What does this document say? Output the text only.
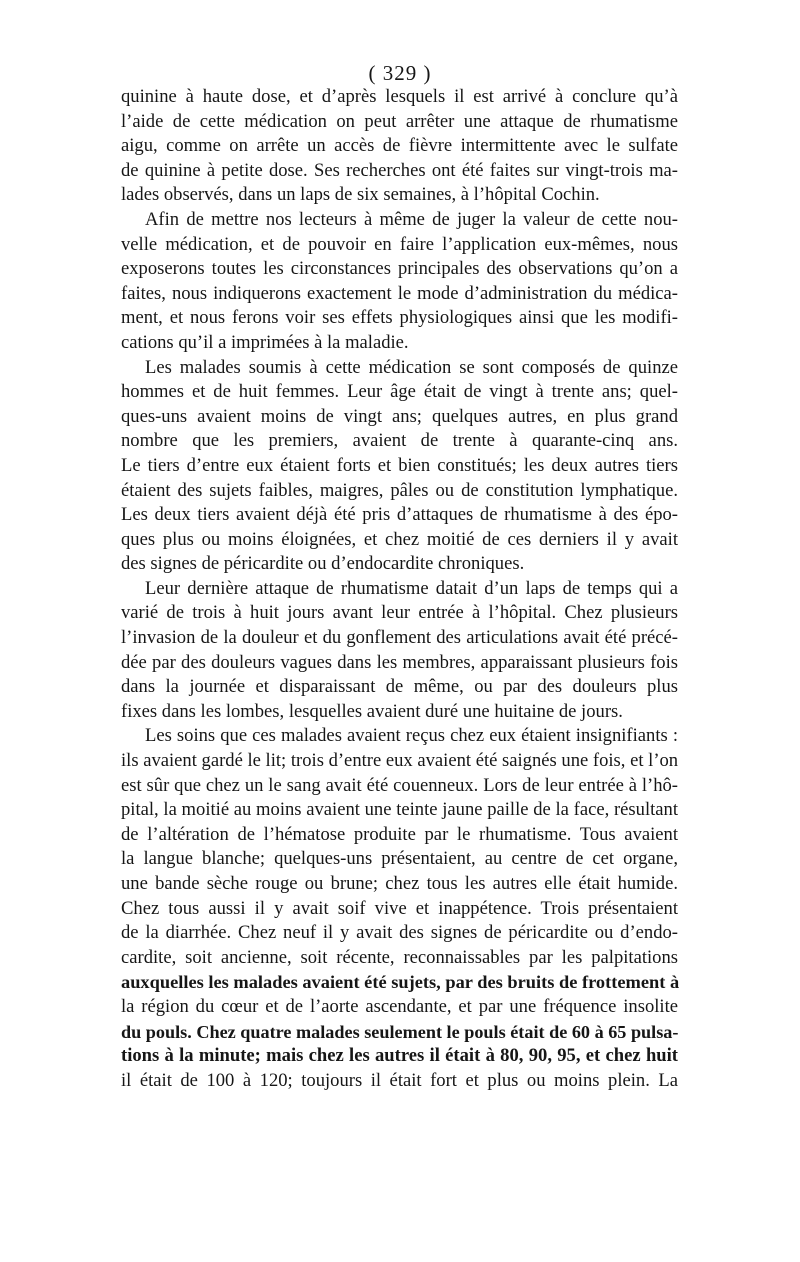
( 329 )
quinine à haute dose, et d’après lesquels il est arrivé à conclure qu’à
l’aide de cette médication on peut arrêter une attaque de rhumatisme
aigu, comme on arrête un accès de fièvre intermittente avec le sulfate
de quinine à petite dose. Ses recherches ont été faites sur vingt-trois ma-
lades observés, dans un laps de six semaines, à l’hôpital Cochin.
Afin de mettre nos lecteurs à même de juger la valeur de cette nou-
velle médication, et de pouvoir en faire l’application eux-mêmes, nous
exposerons toutes les circonstances principales des observations qu’on a
faites, nous indiquerons exactement le mode d’administration du médica-
ment, et nous ferons voir ses effets physiologiques ainsi que les modifi-
cations qu’il a imprimées à la maladie.
Les malades soumis à cette médication se sont composés de quinze
hommes et de huit femmes. Leur âge était de vingt à trente ans; quel-
ques-uns avaient moins de vingt ans; quelques autres, en plus grand
nombre que les premiers, avaient de trente à quarante-cinq ans.
Le tiers d’entre eux étaient forts et bien constitués; les deux autres tiers
étaient des sujets faibles, maigres, pâles ou de constitution lymphatique.
Les deux tiers avaient déjà été pris d’attaques de rhumatisme à des épo-
ques plus ou moins éloignées, et chez moitié de ces derniers il y avait
des signes de péricardite ou d’endocardite chroniques.
Leur dernière attaque de rhumatisme datait d’un laps de temps qui a
varié de trois à huit jours avant leur entrée à l’hôpital. Chez plusieurs
l’invasion de la douleur et du gonflement des articulations avait été précé-
dée par des douleurs vagues dans les membres, apparaissant plusieurs fois
dans la journée et disparaissant de même, ou par des douleurs plus
fixes dans les lombes, lesquelles avaient duré une huitaine de jours.
Les soins que ces malades avaient reçus chez eux étaient insignifiants :
ils avaient gardé le lit; trois d’entre eux avaient été saignés une fois, et l’on
est sûr que chez un le sang avait été couenneux. Lors de leur entrée à l’hô-
pital, la moitié au moins avaient une teinte jaune paille de la face, résultant
de l’altération de l’hématose produite par le rhumatisme. Tous avaient
la langue blanche; quelques-uns présentaient, au centre de cet organe,
une bande sèche rouge ou brune; chez tous les autres elle était humide.
Chez tous aussi il y avait soif vive et inappétence. Trois présentaient
de la diarrhée. Chez neuf il y avait des signes de péricardite ou d’endo-
cardite, soit ancienne, soit récente, reconnaissables par les palpitations
auxquelles les malades avaient été sujets, par des bruits de frottement à
la région du cœur et de l’aorte ascendante, et par une fréquence insolite
du pouls. Chez quatre malades seulement le pouls était de 60 à 65 pulsa-
tions à la minute; mais chez les autres il était à 80, 90, 95, et chez huit
il était de 100 à 120; toujours il était fort et plus ou moins plein. La
